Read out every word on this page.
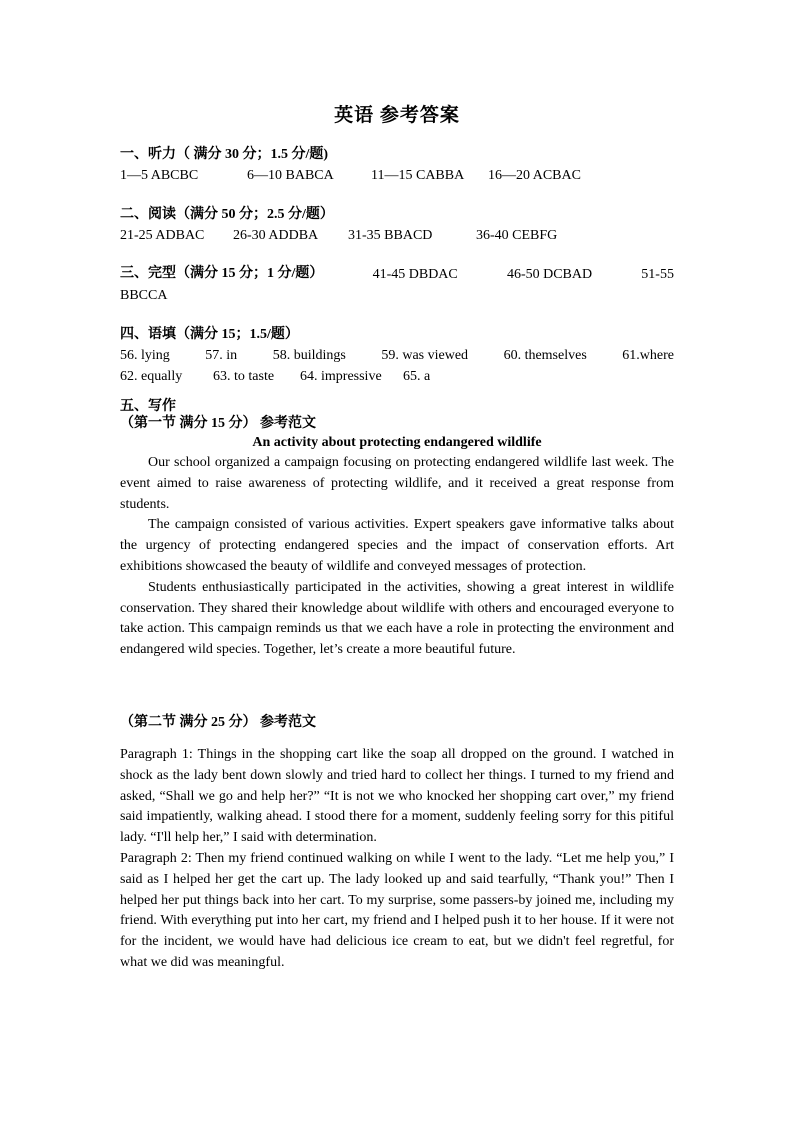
英语 参考答案
一、听力（ 满分 30 分；1.5 分/题)
1—5 ABCBC	6—10 BABCA	11—15 CABBA	16—20 ACBAC
二、阅读（满分 50 分；2.5 分/题）
21-25 ADBAC	26-30 ADDBA	31-35 BBACD	36-40 CEBFG
三、完型（满分 15 分；1 分/题）	41-45 DBDAC	46-50 DCBAD	51-55
BBCCA
四、语填（满分 15；1.5/题）
56. lying	57. in	58. buildings	59. was viewed	60. themselves	61.where
62. equally	63. to taste	64. impressive	65. a
五、写作
（第一节 满分 15 分） 参考范文
An activity about protecting endangered wildlife
Our school organized a campaign focusing on protecting endangered wildlife last week. The event aimed to raise awareness of protecting wildlife, and it received a great response from students.
The campaign consisted of various activities. Expert speakers gave informative talks about the urgency of protecting endangered species and the impact of conservation efforts. Art exhibitions showcased the beauty of wildlife and conveyed messages of protection.
Students enthusiastically participated in the activities, showing a great interest in wildlife conservation. They shared their knowledge about wildlife with others and encouraged everyone to take action. This campaign reminds us that we each have a role in protecting the environment and endangered wild species. Together, let’s create a more beautiful future.
（第二节 满分 25 分） 参考范文
Paragraph 1: Things in the shopping cart like the soap all dropped on the ground. I watched in shock as the lady bent down slowly and tried hard to collect her things. I turned to my friend and asked, “Shall we go and help her?” “It is not we who knocked her shopping cart over,” my friend said impatiently, walking ahead. I stood there for a moment, suddenly feeling sorry for this pitiful lady. “I'll help her,” I said with determination.
Paragraph 2: Then my friend continued walking on while I went to the lady. “Let me help you,” I said as I helped her get the cart up. The lady looked up and said tearfully, “Thank you!” Then I helped her put things back into her cart. To my surprise, some passers-by joined me, including my friend. With everything put into her cart, my friend and I helped push it to her house. If it were not for the incident, we would have had delicious ice cream to eat, but we didn't feel regretful, for what we did was meaningful.
